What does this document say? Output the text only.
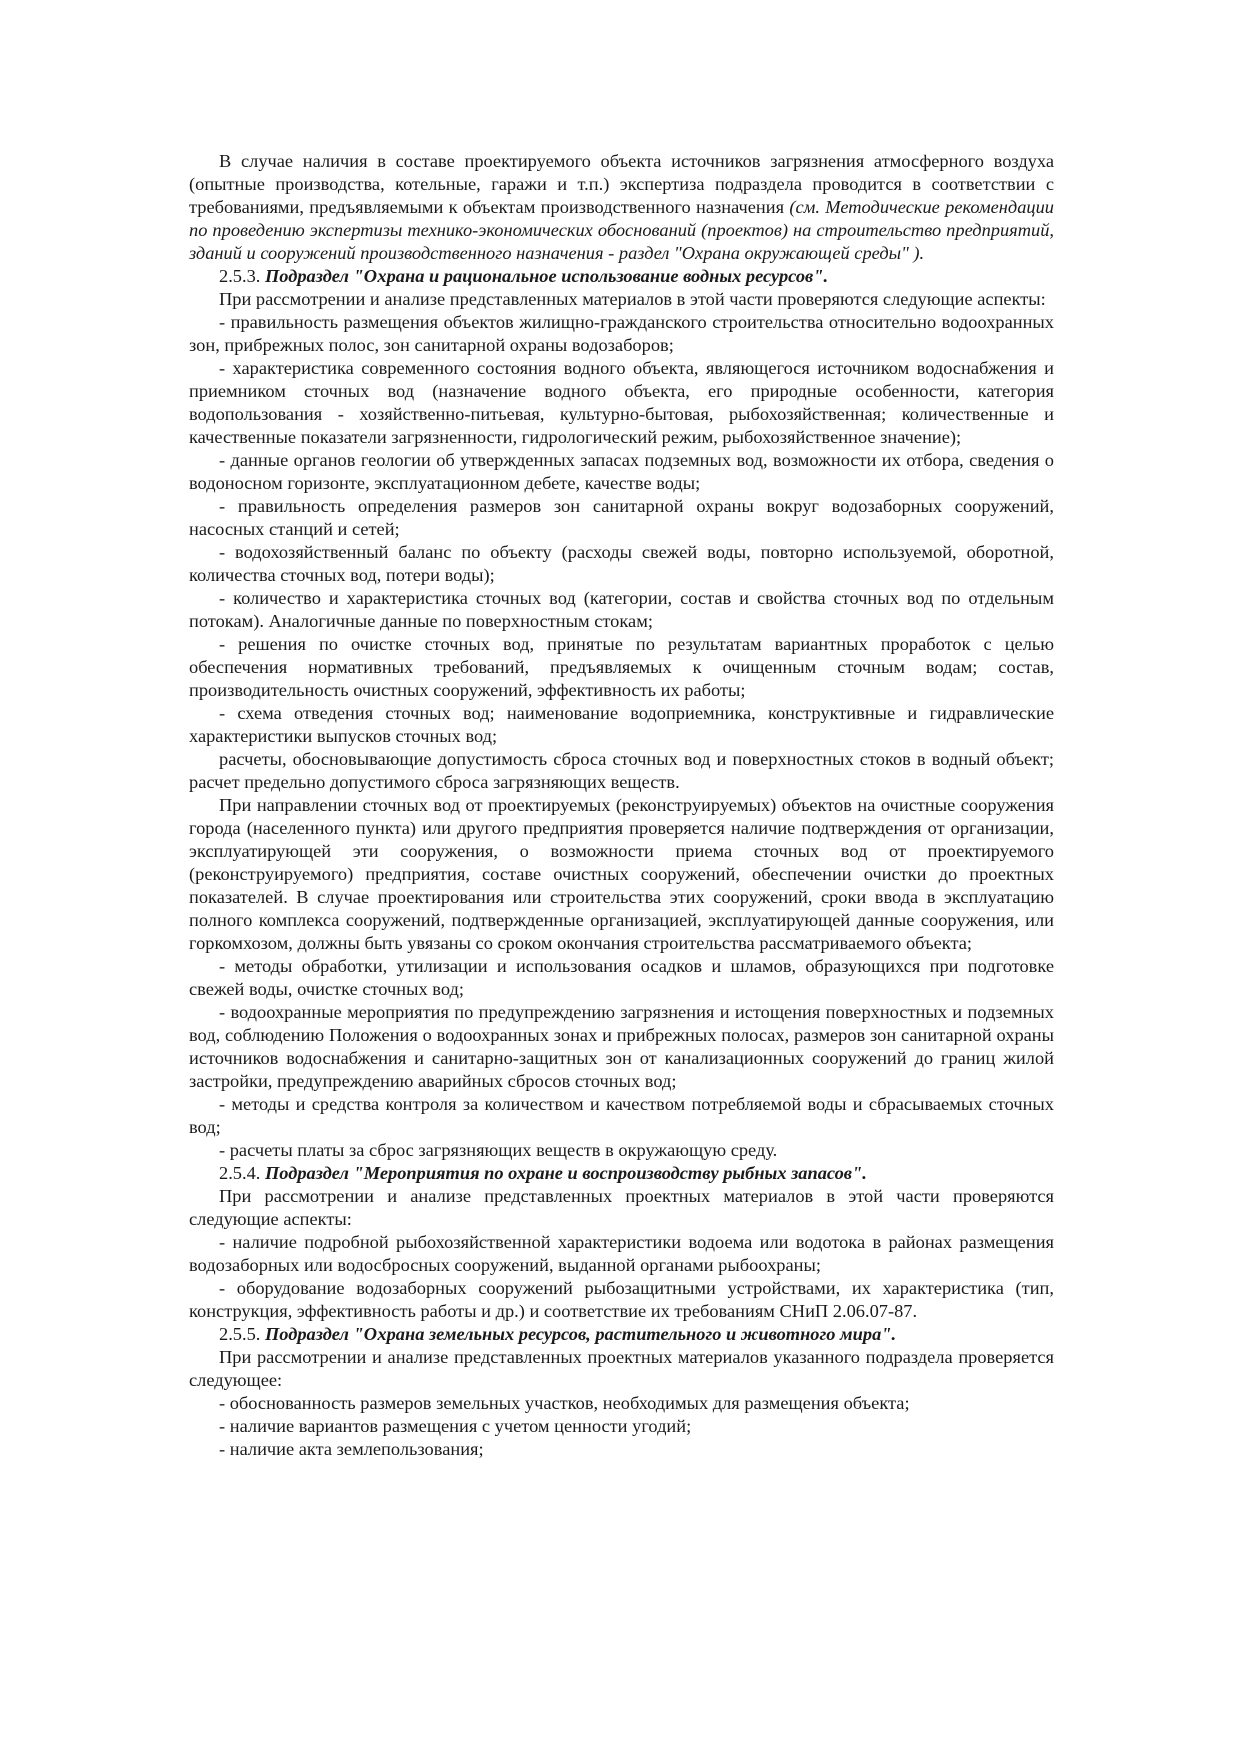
В случае наличия в составе проектируемого объекта источников загрязнения атмосферного воздуха (опытные производства, котельные, гаражи и т.п.) экспертиза подраздела проводится в соответствии с требованиями, предъявляемыми к объектам производственного назначения (см. Методические рекомендации по проведению экспертизы технико-экономических обоснований (проектов) на строительство предприятий, зданий и сооружений производственного назначения - раздел "Охрана окружающей среды" ).

2.5.3. Подраздел "Охрана и рациональное использование водных ресурсов".

При рассмотрении и анализе представленных материалов в этой части проверяются следующие аспекты:

- правильность размещения объектов жилищно-гражданского строительства относительно водоохранных зон, прибрежных полос, зон санитарной охраны водозаборов;

- характеристика современного состояния водного объекта, являющегося источником водоснабжения и приемником сточных вод (назначение водного объекта, его природные особенности, категория водопользования - хозяйственно-питьевая, культурно-бытовая, рыбохозяйственная; количественные и качественные показатели загрязненности, гидрологический режим, рыбохозяйственное значение);

- данные органов геологии об утвержденных запасах подземных вод, возможности их отбора, сведения о водоносном горизонте, эксплуатационном дебете, качестве воды;

- правильность определения размеров зон санитарной охраны вокруг водозаборных сооружений, насосных станций и сетей;

- водохозяйственный баланс по объекту (расходы свежей воды, повторно используемой, оборотной, количества сточных вод, потери воды);

- количество и характеристика сточных вод (категории, состав и свойства сточных вод по отдельным потокам). Аналогичные данные по поверхностным стокам;

- решения по очистке сточных вод, принятые по результатам вариантных проработок с целью обеспечения нормативных требований, предъявляемых к очищенным сточным водам; состав, производительность очистных сооружений, эффективность их работы;

- схема отведения сточных вод; наименование водоприемника, конструктивные и гидравлические характеристики выпусков сточных вод;

расчеты, обосновывающие допустимость сброса сточных вод и поверхностных стоков в водный объект; расчет предельно допустимого сброса загрязняющих веществ.

При направлении сточных вод от проектируемых (реконструируемых) объектов на очистные сооружения города (населенного пункта) или другого предприятия проверяется наличие подтверждения от организации, эксплуатирующей эти сооружения, о возможности приема сточных вод от проектируемого (реконструируемого) предприятия, составе очистных сооружений, обеспечении очистки до проектных показателей. В случае проектирования или строительства этих сооружений, сроки ввода в эксплуатацию полного комплекса сооружений, подтвержденные организацией, эксплуатирующей данные сооружения, или горкомхозом, должны быть увязаны со сроком окончания строительства рассматриваемого объекта;

- методы обработки, утилизации и использования осадков и шламов, образующихся при подготовке свежей воды, очистке сточных вод;

- водоохранные мероприятия по предупреждению загрязнения и истощения поверхностных и подземных вод, соблюдению Положения о водоохранных зонах и прибрежных полосах, размеров зон санитарной охраны источников водоснабжения и санитарно-защитных зон от канализационных сооружений до границ жилой застройки, предупреждению аварийных сбросов сточных вод;

- методы и средства контроля за количеством и качеством потребляемой воды и сбрасываемых сточных вод;

- расчеты платы за сброс загрязняющих веществ в окружающую среду.

2.5.4. Подраздел "Мероприятия по охране и воспроизводству рыбных запасов".

При рассмотрении и анализе представленных проектных материалов в этой части проверяются следующие аспекты:

- наличие подробной рыбохозяйственной характеристики водоема или водотока в районах размещения водозаборных или водосбросных сооружений, выданной органами рыбоохраны;

- оборудование водозаборных сооружений рыбозащитными устройствами, их характеристика (тип, конструкция, эффективность работы и др.) и соответствие их требованиям СНиП 2.06.07-87.

2.5.5. Подраздел "Охрана земельных ресурсов, растительного и животного мира".

При рассмотрении и анализе представленных проектных материалов указанного подраздела проверяется следующее:

- обоснованность размеров земельных участков, необходимых для размещения объекта;

- наличие вариантов размещения с учетом ценности угодий;

- наличие акта землепользования;
